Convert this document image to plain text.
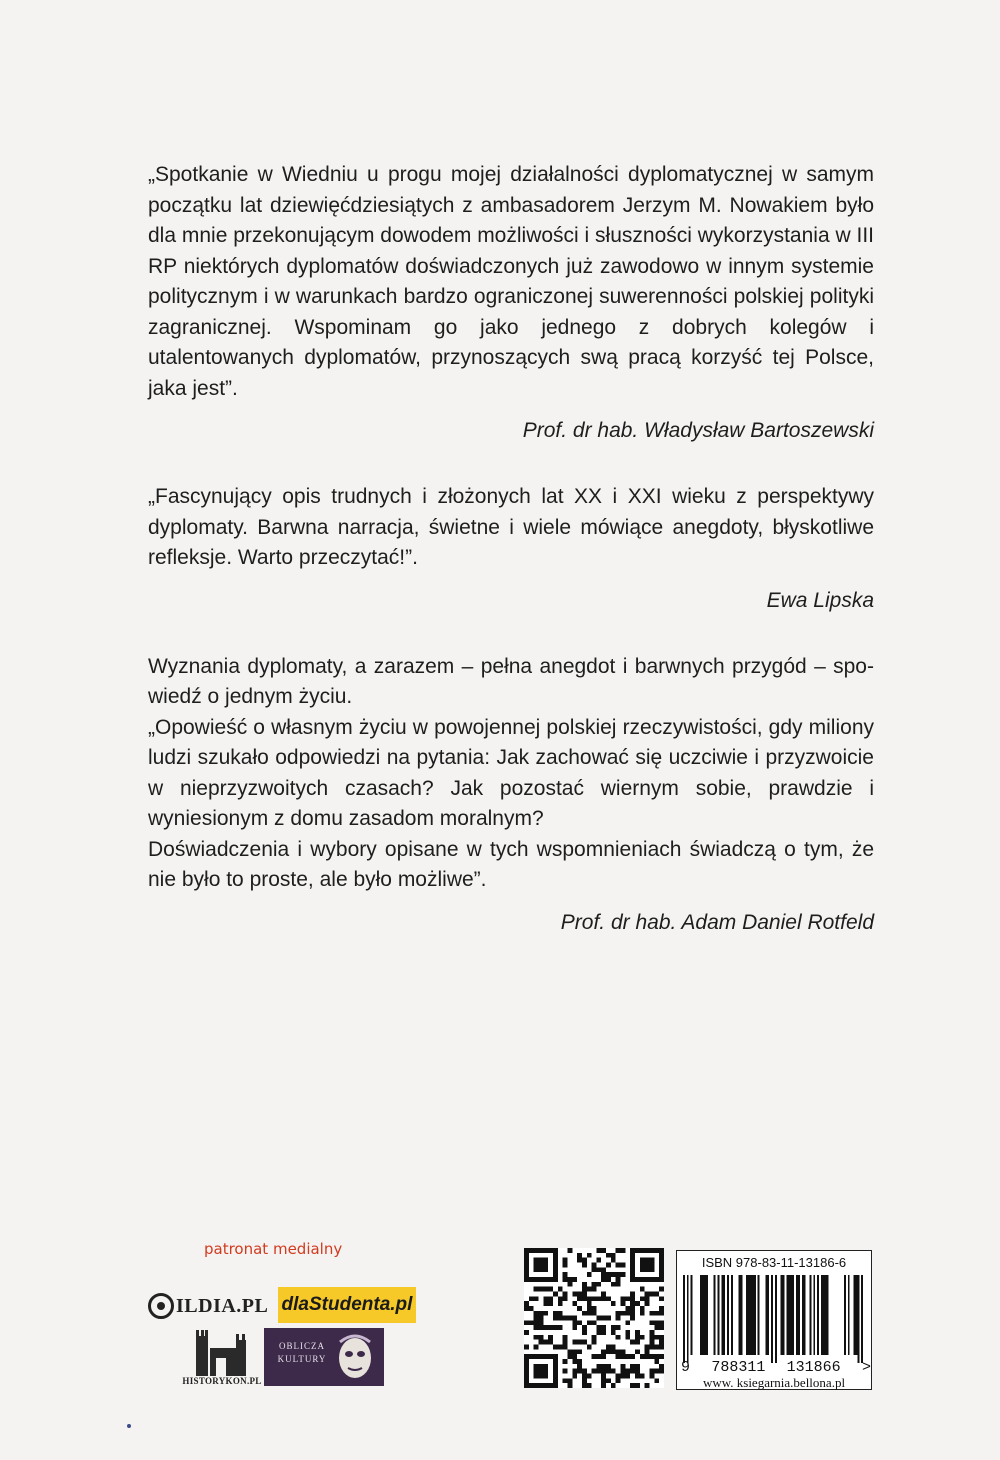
„Spotkanie w Wiedniu u progu mojej działalności dyplomatycznej w samym początku lat dziewięćdziesiątych z ambasadorem Jerzym M. Nowakiem było dla mnie przekonującym dowodem możliwości i słuszności wykorzystania w III RP niektórych dyplomatów doświadczonych już zawodowo w innym systemie politycznym i w warunkach bardzo ograniczonej suwerenności polskiej polityki zagranicznej. Wspominam go jako jednego z dobrych kolegów i utalentowanych dyplomatów, przynoszących swą pracą korzyść tej Polsce, jaka jest”.

Prof. dr hab. Władysław Bartoszewski

„Fascynujący opis trudnych i złożonych lat XX i XXI wieku z perspektywy dyplomaty. Barwna narracja, świetne i wiele mówiące anegdoty, błyskotliwe refleksje. Warto przeczytać!”.

Ewa Lipska

Wyznania dyplomaty, a zarazem – pełna anegdot i barwnych przygód – spowiedź o jednym życiu.

„Opowieść o własnym życiu w powojennej polskiej rzeczywistości, gdy miliony ludzi szukało odpowiedzi na pytania: Jak zachować się uczciwie i przyzwoicie w nieprzyzwoitych czasach? Jak pozostać wiernym sobie, prawdzie i wyniesionym z domu zasadom moralnym?

Doświadczenia i wybory opisane w tych wspomnieniach świadczą o tym, że nie było to proste, ale było możliwe”.

Prof. dr hab. Adam Daniel Rotfeld

patronat medialny
ILDIA.PL dlaStudenta.pl
HISTORYKON.PL
OBLICZA
KULTURY
ISBN 978-83-11-13186-6
9 788311 131866 >
www. ksiegarnia.bellona.pl
